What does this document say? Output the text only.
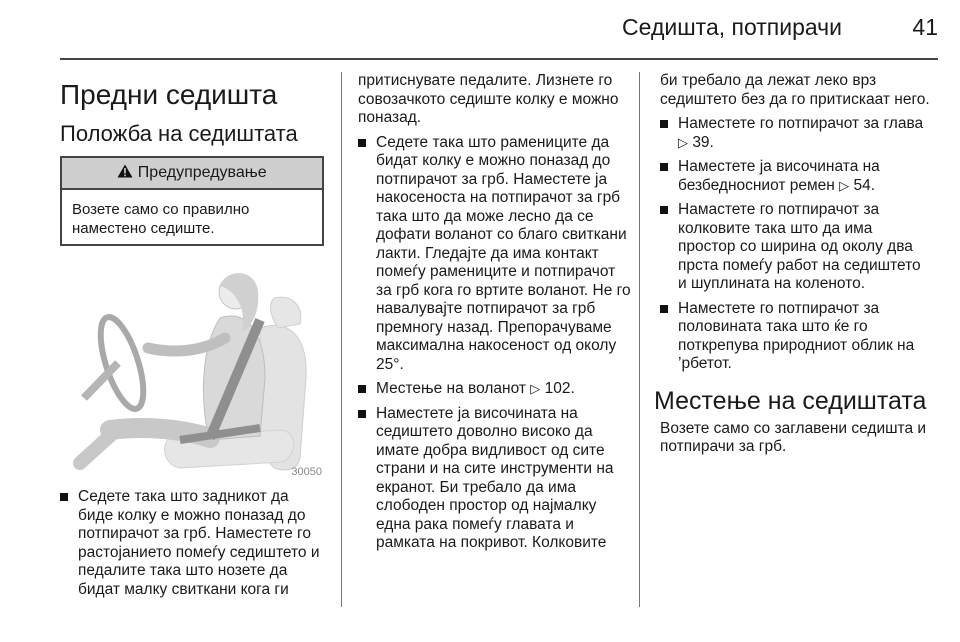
Седишта, потпирачи	41
Предни седишта
Положба на седиштата
Предупредување
Возете само со правилно наместено седиште.
30050
Седете така што задникот да биде колку е можно поназад до потпирачот за грб. Наместете го растојанието помеѓу седиштето и педалите така што нозете да бидат малку свиткани кога ги
притиснувате педалите. Лизнете го совозачкото седиште колку е можно поназад.
Седете така што рамениците да бидат колку е можно поназад до потпирачот за грб. Наместете ја накосеноста на потпирачот за грб така што да може лесно да се дофати воланот со благо свиткани лакти. Гледајте да има контакт помеѓу рамениците и потпирачот за грб кога го вртите воланот. Не го навалувајте потпирачот за грб премногу назад. Препорачуваме максимална накосеност од околу 25°.
Местење на воланот ▷ 102.
Наместете ја височината на седиштето доволно високо да имате добра видливост од сите страни и на сите инструменти на екранот. Би требало да има слободен простор од најмалку една рака помеѓу главата и рамката на покривот. Колковите
би требало да лежат леко врз седиштето без да го притискаат него.
Наместете го потпирачот за глава ▷ 39.
Наместете ја височината на безбедносниот ремен ▷ 54.
Намастете го потпирачот за колковите така што да има простор со ширина од околу два прста помеѓу работ на седиштето и шуплината на коленото.
Наместете го потпирачот за половината така што ќе го поткрепува природниот облик на ’рбетот.
Местење на седиштата
Возете само со заглавени седишта и потпирачи за грб.
